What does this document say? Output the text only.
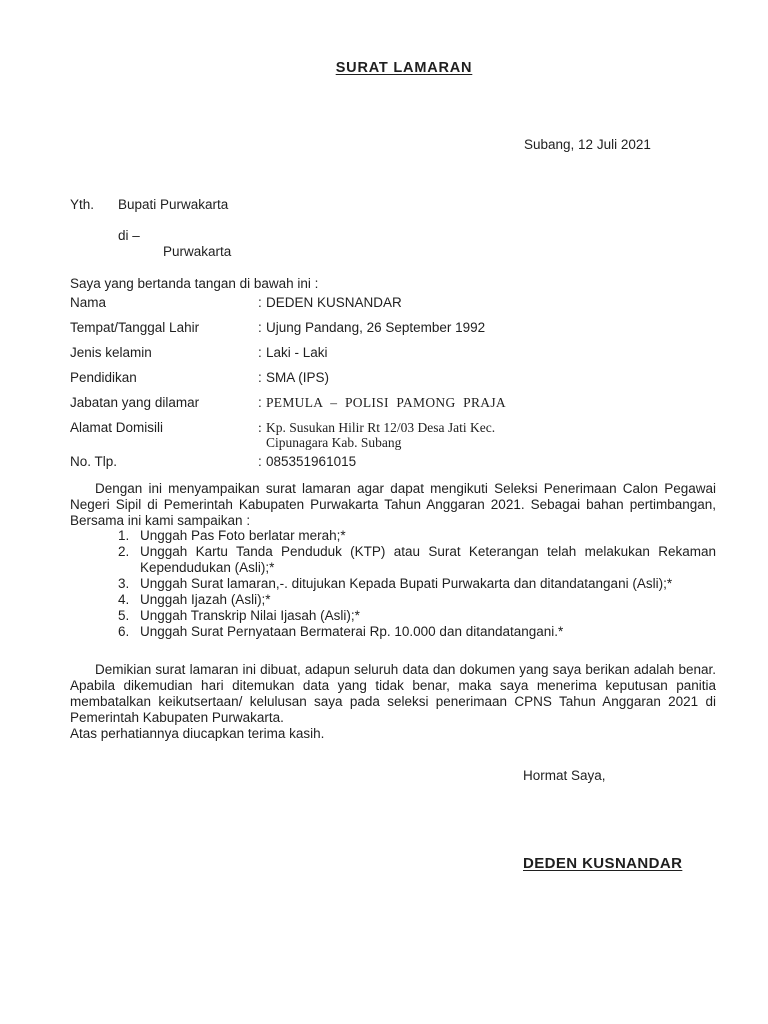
SURAT LAMARAN
Subang, 12 Juli 2021
Yth. Bupati Purwakarta
di –
Purwakarta
Saya yang bertanda tangan di bawah ini :
Nama	: DEDEN KUSNANDAR
Tempat/Tanggal Lahir	: Ujung Pandang, 26 September 1992
Jenis kelamin	: Laki - Laki
Pendidikan	: SMA (IPS)
Jabatan yang dilamar	: PEMULA – POLISI PAMONG PRAJA
Alamat Domisili	: Kp. Susukan Hilir Rt 12/03 Desa Jati Kec.
Cipunagara Kab. Subang
No. Tlp.	: 085351961015
Dengan ini menyampaikan surat lamaran agar dapat mengikuti Seleksi Penerimaan Calon Pegawai Negeri Sipil di Pemerintah Kabupaten Purwakarta Tahun Anggaran 2021. Sebagai bahan pertimbangan, Bersama ini kami sampaikan :
1. Unggah Pas Foto berlatar merah;*
2. Unggah Kartu Tanda Penduduk (KTP) atau Surat Keterangan telah melakukan Rekaman Kependudukan (Asli);*
3. Unggah Surat lamaran,-. ditujukan Kepada Bupati Purwakarta dan ditandatangani (Asli);*
4. Unggah Ijazah (Asli);*
5. Unggah Transkrip Nilai Ijasah (Asli);*
6. Unggah Surat Pernyataan Bermaterai Rp. 10.000 dan ditandatangani.*
Demikian surat lamaran ini dibuat, adapun seluruh data dan dokumen yang saya berikan adalah benar. Apabila dikemudian hari ditemukan data yang tidak benar, maka saya menerima keputusan panitia membatalkan keikutsertaan/ kelulusan saya pada seleksi penerimaan CPNS Tahun Anggaran 2021 di Pemerintah Kabupaten Purwakarta.
Atas perhatiannya diucapkan terima kasih.
Hormat Saya,
DEDEN KUSNANDAR
